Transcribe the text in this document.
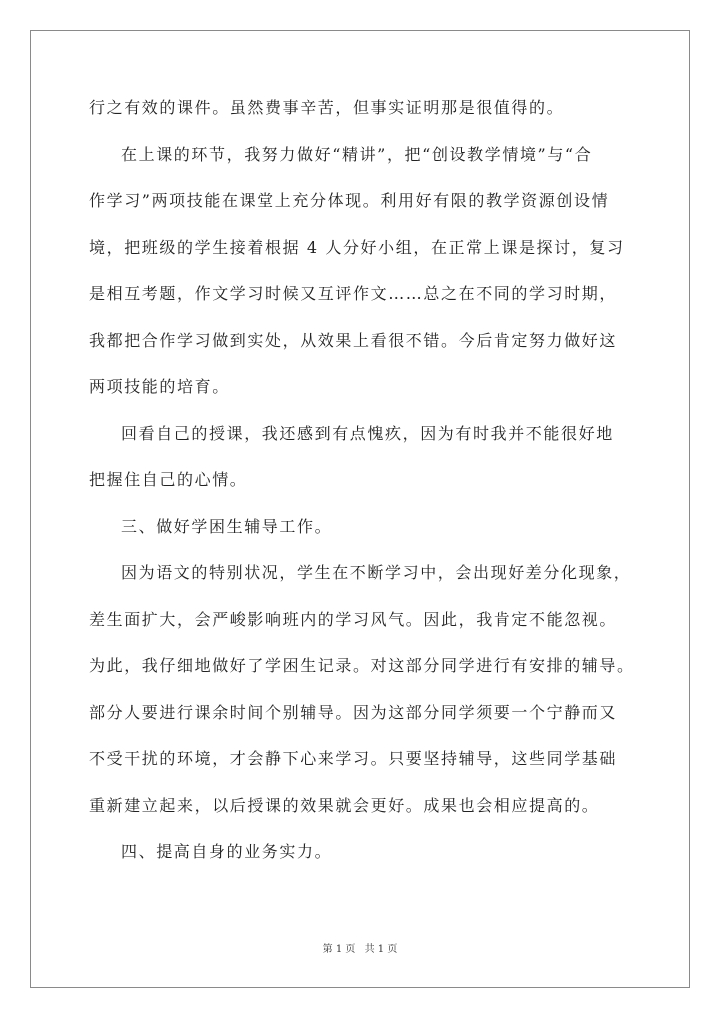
行之有效的课件。虽然费事辛苦，但事实证明那是很值得的。
在上课的环节，我努力做好“精讲”，把“创设教学情境”与“合
作学习”两项技能在课堂上充分体现。利用好有限的教学资源创设情
境，把班级的学生接着根据 4 人分好小组，在正常上课是探讨，复习
是相互考题，作文学习时候又互评作文……总之在不同的学习时期，
我都把合作学习做到实处，从效果上看很不错。今后肯定努力做好这
两项技能的培育。
回看自己的授课，我还感到有点愧疚，因为有时我并不能很好地
把握住自己的心情。
三、做好学困生辅导工作。
因为语文的特别状况，学生在不断学习中，会出现好差分化现象，
差生面扩大，会严峻影响班内的学习风气。因此，我肯定不能忽视。
为此，我仔细地做好了学困生记录。对这部分同学进行有安排的辅导。
部分人要进行课余时间个别辅导。因为这部分同学须要一个宁静而又
不受干扰的环境，才会静下心来学习。只要坚持辅导，这些同学基础
重新建立起来，以后授课的效果就会更好。成果也会相应提高的。
四、提高自身的业务实力。
第 1 页 共 1 页
